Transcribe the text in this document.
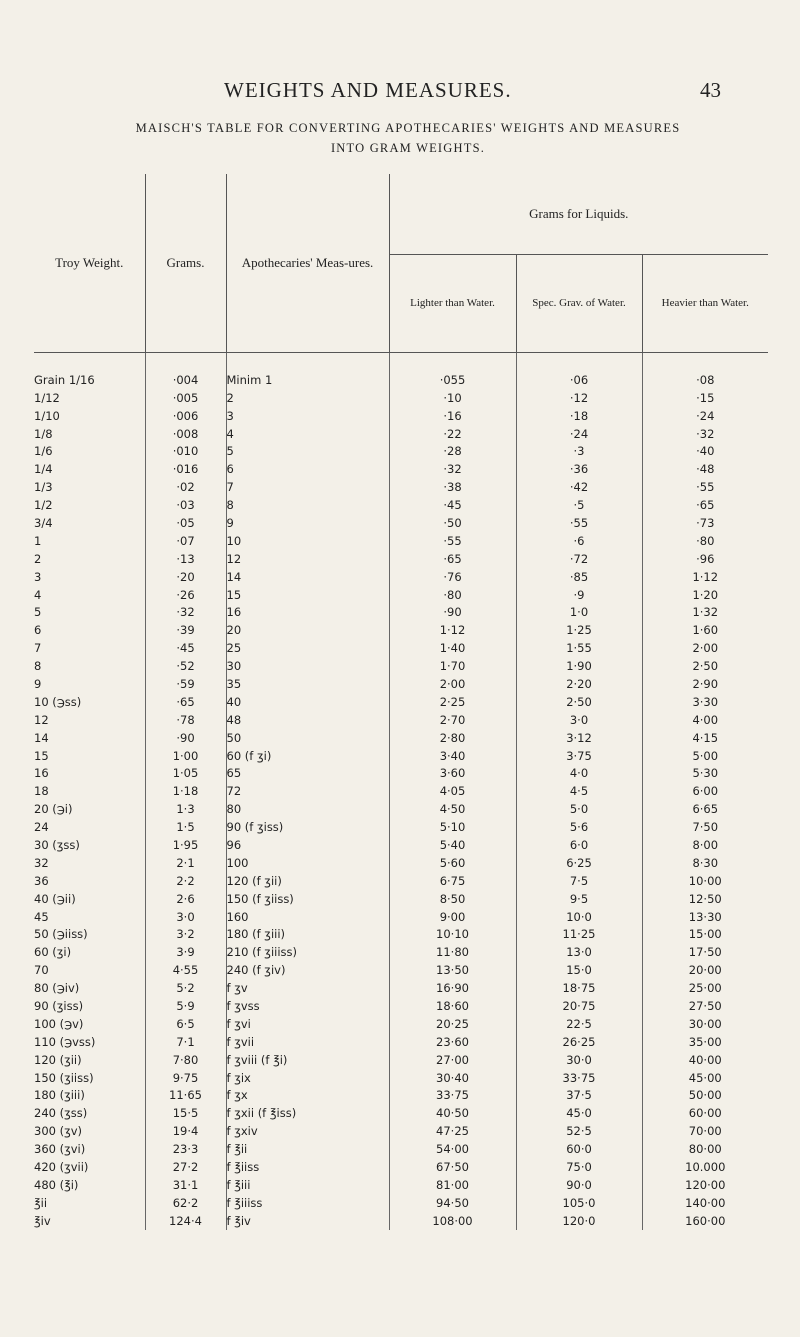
WEIGHTS AND MEASURES.	43
MAISCH'S TABLE FOR CONVERTING APOTHECARIES' WEIGHTS AND MEASURES
INTO GRAM WEIGHTS.
Troy Weight.	Grams.	Apothecaries' Meas-ures.	Grams for Liquids.		
			Lighter than Water.	Spec. Grav. of Water.	Heavier than Water.

Grain 1/16	·004	Minim 1	·055	·06	·08
1/12	·005	2	·10	·12	·15
1/10	·006	3	·16	·18	·24
1/8	·008	4	·22	·24	·32
1/6	·010	5	·28	·3	·40
1/4	·016	6	·32	·36	·48
1/3	·02	7	·38	·42	·55
1/2	·03	8	·45	·5	·65
3/4	·05	9	·50	·55	·73
1	·07	10	·55	·6	·80
2	·13	12	·65	·72	·96
3	·20	14	·76	·85	1·12
4	·26	15	·80	·9	1·20
5	·32	16	·90	1·0	1·32
6	·39	20	1·12	1·25	1·60
7	·45	25	1·40	1·55	2·00
8	·52	30	1·70	1·90	2·50
9	·59	35	2·00	2·20	2·90
10 (℈ss)	·65	40	2·25	2·50	3·30
12	·78	48	2·70	3·0	4·00
14	·90	50	2·80	3·12	4·15
15	1·00	60 (f ʒi)	3·40	3·75	5·00
16	1·05	65	3·60	4·0	5·30
18	1·18	72	4·05	4·5	6·00
20 (℈i)	1·3	80	4·50	5·0	6·65
24	1·5	90 (f ʒiss)	5·10	5·6	7·50
30 (ʒss)	1·95	96	5·40	6·0	8·00
32	2·1	100	5·60	6·25	8·30
36	2·2	120 (f ʒii)	6·75	7·5	10·00
40 (℈ii)	2·6	150 (f ʒiiss)	8·50	9·5	12·50
45	3·0	160	9·00	10·0	13·30
50 (℈iiss)	3·2	180 (f ʒiii)	10·10	11·25	15·00
60 (ʒi)	3·9	210 (f ʒiiiss)	11·80	13·0	17·50
70	4·55	240 (f ʒiv)	13·50	15·0	20·00
80 (℈iv)	5·2	f ʒv	16·90	18·75	25·00
90 (ʒiss)	5·9	f ʒvss	18·60	20·75	27·50
100 (℈v)	6·5	f ʒvi	20·25	22·5	30·00
110 (℈vss)	7·1	f ʒvii	23·60	26·25	35·00
120 (ʒii)	7·80	f ʒviii (f ℥i)	27·00	30·0	40·00
150 (ʒiiss)	9·75	f ʒix	30·40	33·75	45·00
180 (ʒiii)	11·65	f ʒx	33·75	37·5	50·00
240 (ʒss)	15·5	f ʒxii (f ℥iss)	40·50	45·0	60·00
300 (ʒv)	19·4	f ʒxiv	47·25	52·5	70·00
360 (ʒvi)	23·3	f ℥ii	54·00	60·0	80·00
420 (ʒvii)	27·2	f ℥iiss	67·50	75·0	10.000
480 (℥i)	31·1	f ℥iii	81·00	90·0	120·00
℥ii	62·2	f ℥iiiss	94·50	105·0	140·00
℥iv	124·4	f ℥iv	108·00	120·0	160·00
